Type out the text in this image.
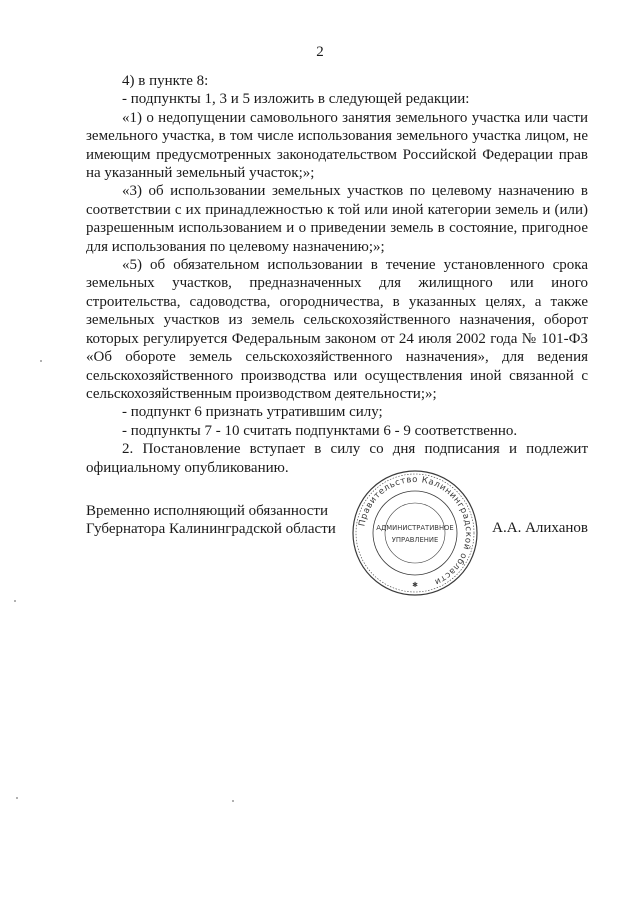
2

4) в пункте 8:

- подпункты 1, 3 и 5 изложить в следующей редакции:

«1) о недопущении самовольного занятия земельного участка или части земельного участка, в том числе использования земельного участка лицом, не имеющим предусмотренных законодательством Российской Федерации прав на указанный земельный участок;»;

«3) об использовании земельных участков по целевому назначению в соответствии с их принадлежностью к той или иной категории земель и (или) разрешенным использованием и о приведении земель в состояние, пригодное для использования по целевому назначению;»;

«5) об обязательном использовании в течение установленного срока земельных участков, предназначенных для жилищного или иного строительства, садоводства, огородничества, в указанных целях, а также земельных участков из земель сельскохозяйственного назначения, оборот которых регулируется Федеральным законом от 24 июля 2002 года № 101-ФЗ «Об обороте земель сельскохозяйственного назначения», для ведения сельскохозяйственного производства или осуществления иной связанной с сельскохозяйственным производством деятельности;»;

- подпункт 6 признать утратившим силу;

- подпункты 7 - 10 считать подпунктами 6 - 9 соответственно.

2. Постановление вступает в силу со дня подписания и подлежит официальному опубликованию.

Временно исполняющий обязанности
Губернатора Калининградской области	А.А. Алиханов
Правительство Калининградской области
АДМИНИСТРАТИВНОЕ
УПРАВЛЕНИЕ
✱
